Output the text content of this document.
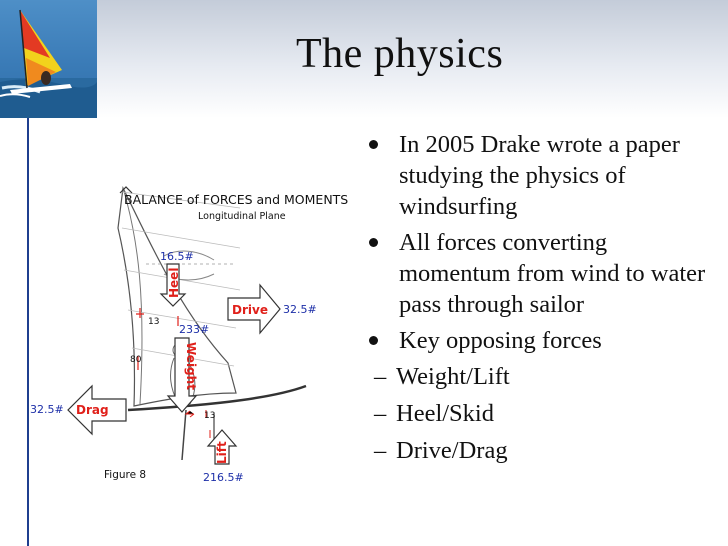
The physics
BALANCE of FORCES and MOMENTS
Longitudinal Plane
Heel
16.5#
Drive 32.5#
Weight
233#
Drag
32.5#
Lift
216.5#
13
80
13
Figure 8
In 2005 Drake wrote a paper studying the physics of windsurfing
All forces converting momentum from wind to water pass through sailor
Key opposing forces
– Weight/Lift
– Heel/Skid
– Drive/Drag
